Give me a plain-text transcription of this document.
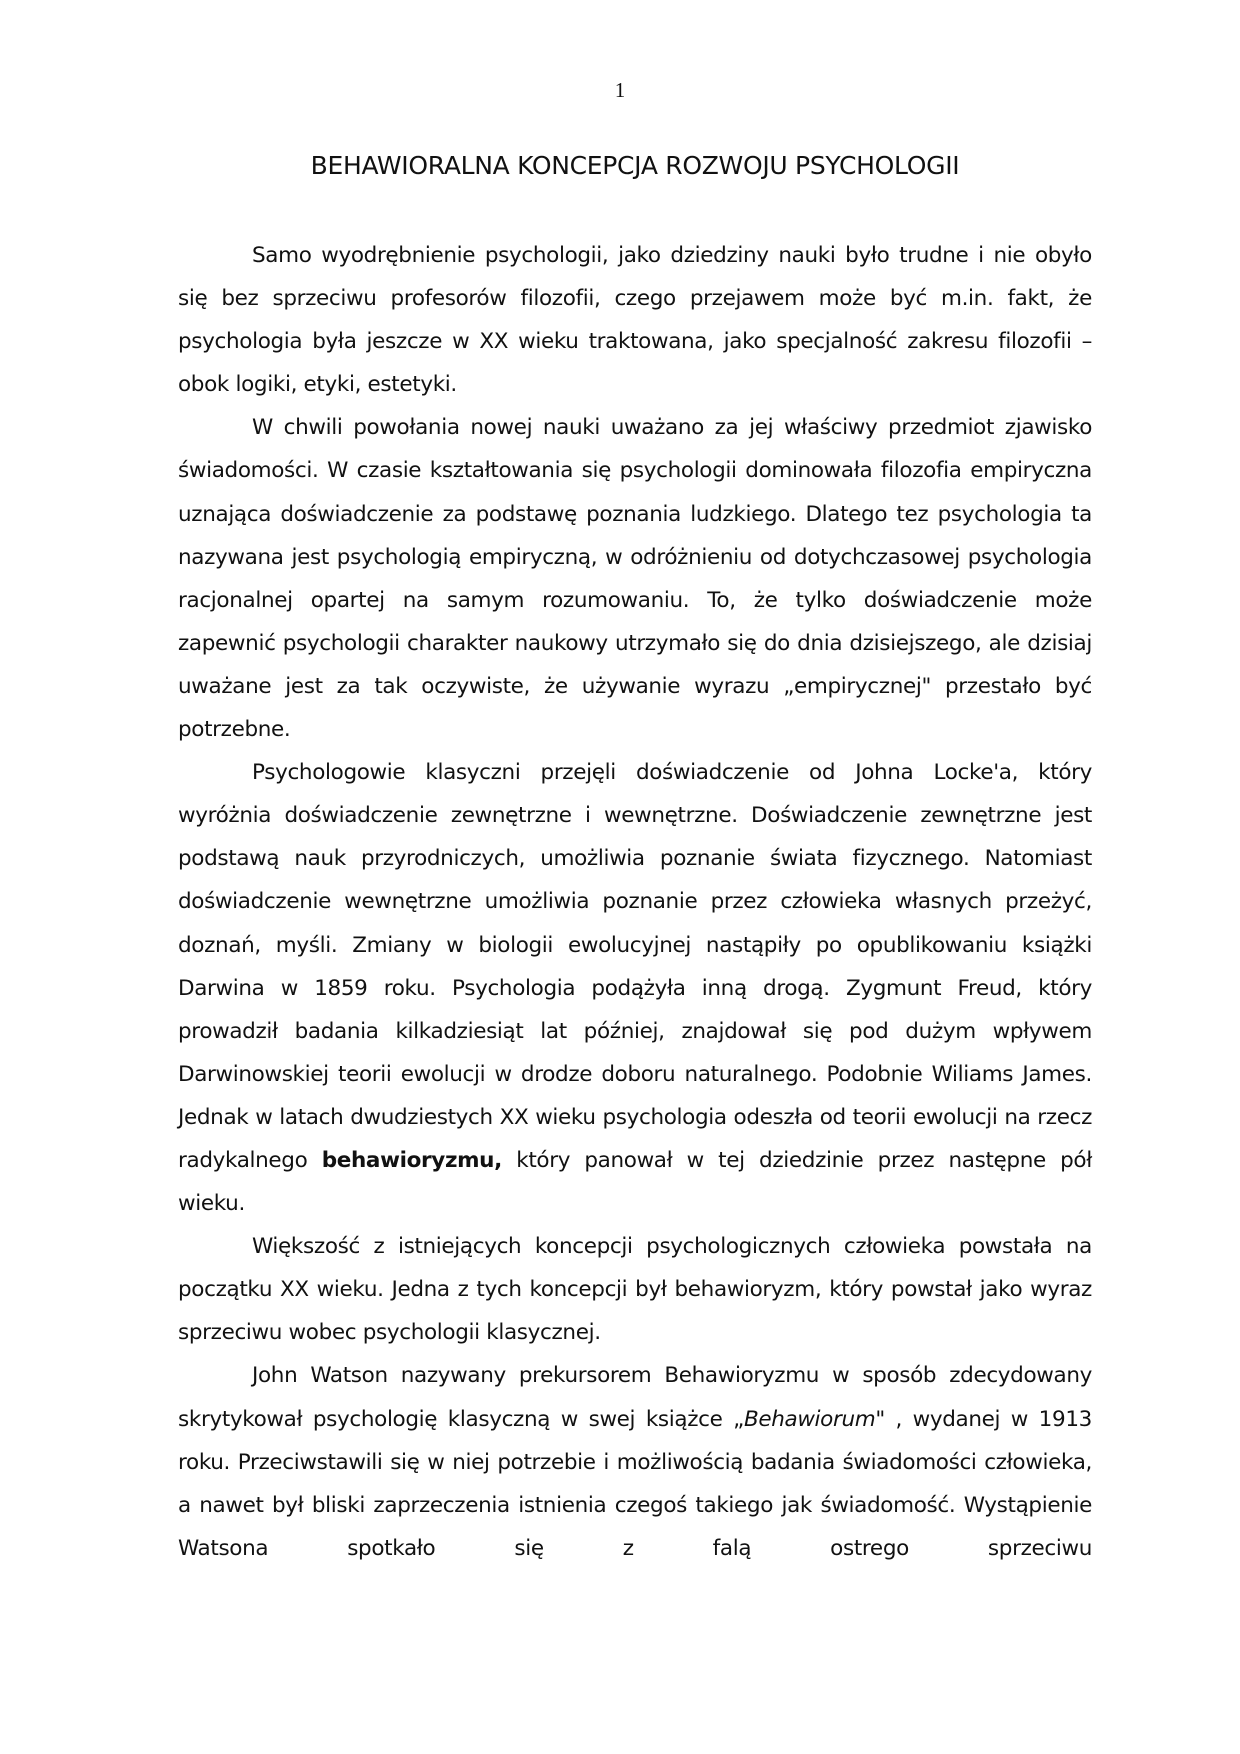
1
BEHAWIORALNA KONCEPCJA ROZWOJU PSYCHOLOGII

Samo wyodrębnienie psychologii, jako dziedziny nauki było trudne i nie obyło się bez sprzeciwu profesorów filozofii, czego przejawem może być m.in. fakt, że psychologia była jeszcze w XX wieku traktowana, jako specjalność zakresu filozofii – obok logiki, etyki, estetyki.

W chwili powołania nowej nauki uważano za jej właściwy przedmiot zjawisko świadomości. W czasie kształtowania się psychologii dominowała filozofia empiryczna uznająca doświadczenie za podstawę poznania ludzkiego. Dlatego tez psychologia ta nazywana jest psychologią empiryczną, w odróżnieniu od dotychczasowej psychologia racjonalnej opartej na samym rozumowaniu. To, że tylko doświadczenie może zapewnić psychologii charakter naukowy utrzymało się do dnia dzisiejszego, ale dzisiaj uważane jest za tak oczywiste, że używanie wyrazu „empirycznej" przestało być potrzebne.

Psychologowie klasyczni przejęli doświadczenie od Johna Locke'a, który wyróżnia doświadczenie zewnętrzne i wewnętrzne. Doświadczenie zewnętrzne jest podstawą nauk przyrodniczych, umożliwia poznanie świata fizycznego. Natomiast doświadczenie wewnętrzne umożliwia poznanie przez człowieka własnych przeżyć, doznań, myśli. Zmiany w biologii ewolucyjnej nastąpiły po opublikowaniu książki Darwina w 1859 roku. Psychologia podążyła inną drogą. Zygmunt Freud, który prowadził badania kilkadziesiąt lat później, znajdował się pod dużym wpływem Darwinowskiej teorii ewolucji w drodze doboru naturalnego. Podobnie Wiliams James. Jednak w latach dwudziestych XX wieku psychologia odeszła od teorii ewolucji na rzecz radykalnego behawioryzmu, który panował w tej dziedzinie przez następne pół wieku.

Większość z istniejących koncepcji psychologicznych człowieka powstała na początku XX wieku. Jedna z tych koncepcji był behawioryzm, który powstał jako wyraz sprzeciwu wobec psychologii klasycznej.

John Watson nazywany prekursorem Behawioryzmu w sposób zdecydowany skrytykował psychologię klasyczną w swej książce „Behawiorum" , wydanej w 1913 roku. Przeciwstawili się w niej potrzebie i możliwością badania świadomości człowieka, a nawet był bliski zaprzeczenia istnienia czegoś takiego jak świadomość. Wystąpienie Watsona spotkało się z falą ostrego sprzeciwu
